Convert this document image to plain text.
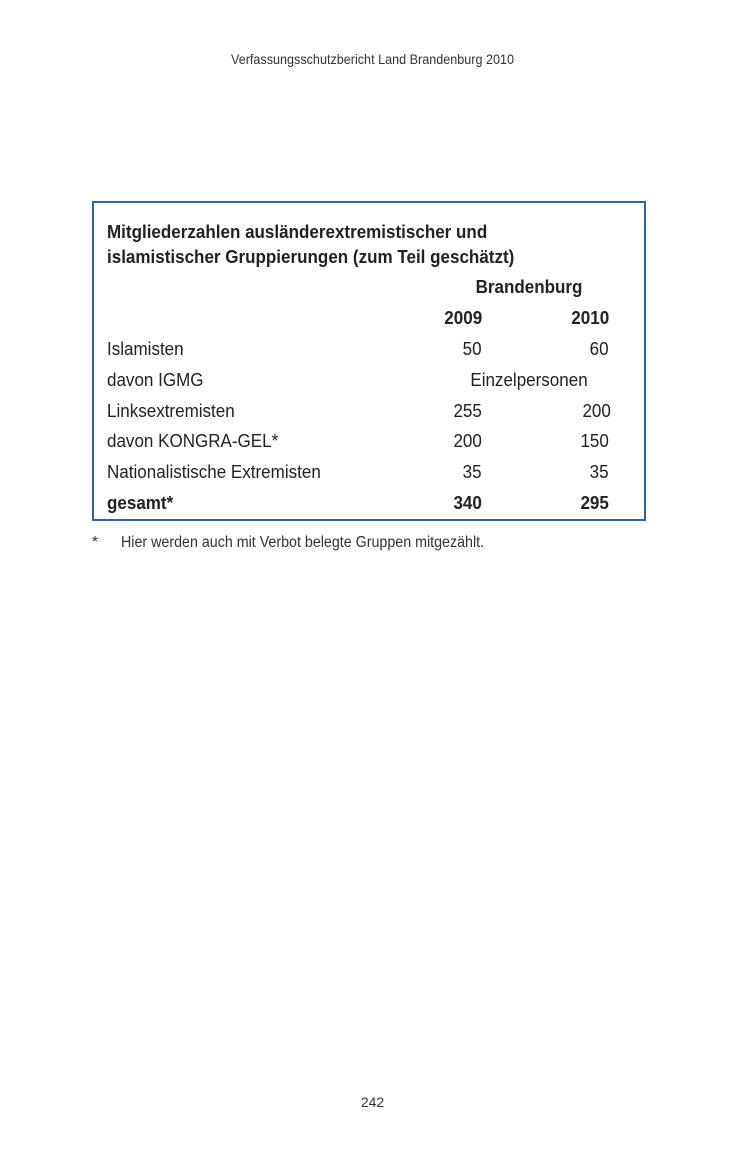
Verfassungsschutzbericht Land Brandenburg 2010
Mitgliederzahlen ausländerextremistischer und islamistischer Gruppierungen (zum Teil geschätzt)
Brandenburg
2009	2010
Islamisten	50	60
davon IGMG	Einzelpersonen
Linksextremisten	255	200
davon KONGRA-GEL*	200	150
Nationalistische Extremisten	35	35
gesamt*	340	295
* Hier werden auch mit Verbot belegte Gruppen mitgezählt.
242
